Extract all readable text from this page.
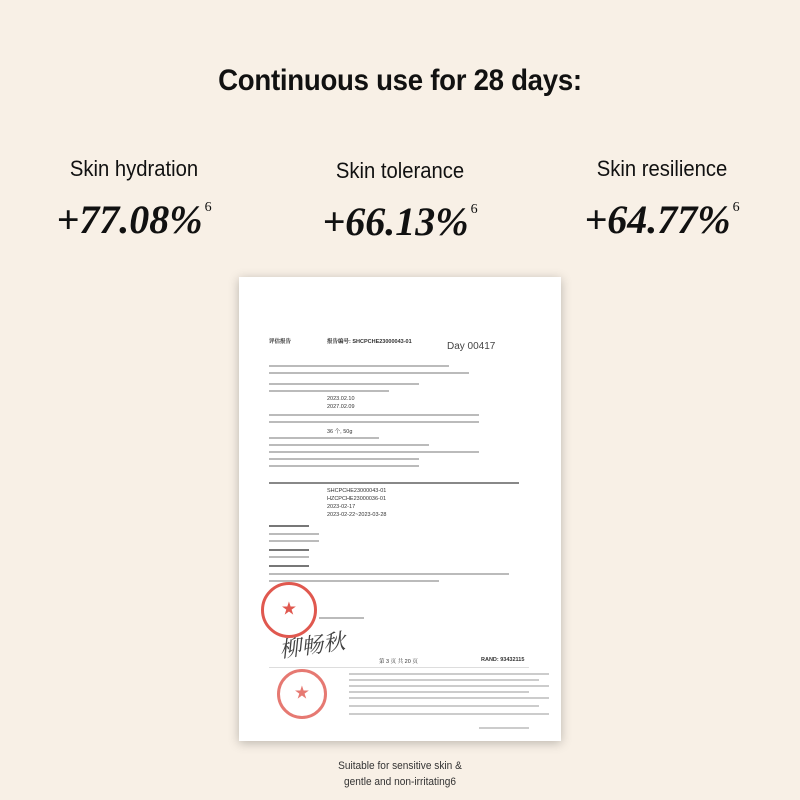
Continuous use for 28 days:
Skin hydration
+77.08% $^6$
Skin tolerance
+66.13% $^6$
Skin resilience
+64.77% $^6$
评估报告	报告编号: SHCPCHE23000043-01	Day 00417
2023.02.10
2027.02.09
36 个, 50g
SHCPCHE23000043-01
HZCPCHE23000036-01
2023-02-17
2023-02-22~2023-03-28
★
柳畅秋	第 3 页 共 20 页	RAND: 93432115
★
Suitable for sensitive skin &
gentle and non-irritating6
